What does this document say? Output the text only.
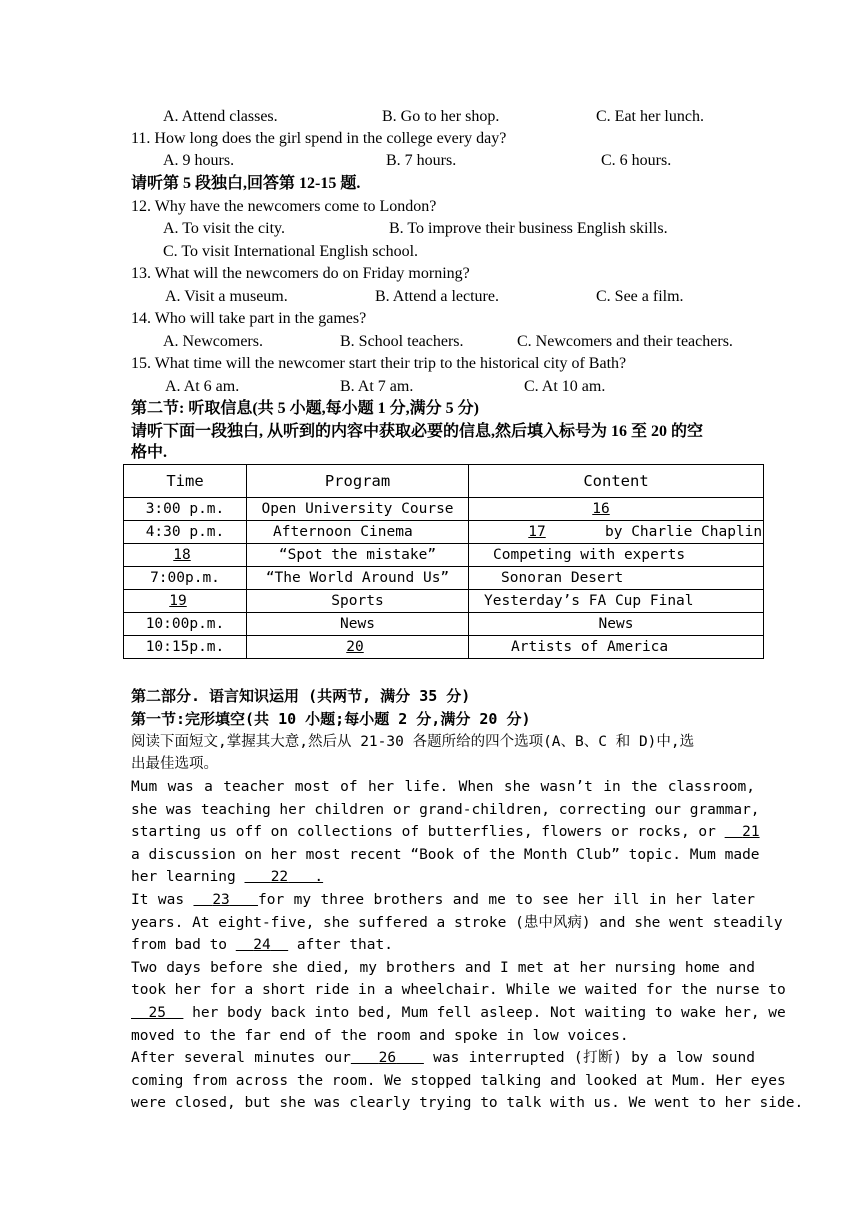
A. Attend classes.	B. Go to her shop.	C. Eat her lunch.
11. How long does the girl spend in the college every day?
A. 9 hours.	B. 7 hours.	C. 6 hours.
请听第 5 段独白,回答第 12-15 题.
12. Why have the newcomers come to London?
A. To visit the city.	B. To improve their business English skills.
C. To visit International English school.
13. What will the newcomers do on Friday morning?
A. Visit a museum.	B. Attend a lecture.	C. See a film.
14. Who will take part in the games?
A. Newcomers.	B. School teachers.	C. Newcomers and their teachers.
15. What time will the newcomer start their trip to the historical city of Bath?
A. At 6 am.	B. At 7 am.	C. At 10 am.
第二节: 听取信息(共 5 小题,每小题 1 分,满分 5 分)
请听下面一段独白, 从听到的内容中获取必要的信息,然后填入标号为 16 至 20 的空
格中.
Time	Program	Content
3:00 p.m.	Open University Course	16
4:30 p.m.	Afternoon Cinema	17 by Charlie Chaplin
18	“Spot the mistake”	Competing with experts
7:00p.m.	“The World Around Us”	Sonoran Desert
19	Sports	Yesterday’s FA Cup Final
10:00p.m.	News	News
10:15p.m.	20	Artists of America
第二部分. 语言知识运用 (共两节, 满分 35 分)
第一节:完形填空(共 10 小题;每小题 2 分,满分 20 分)
阅读下面短文,掌握其大意,然后从 21-30 各题所给的四个选项(A、B、C 和 D)中,选
出最佳选项。
Mum was a teacher most of her life. When she wasn’t in the classroom,
she was teaching her children or grand-children, correcting our grammar,
starting us off on collections of butterflies, flowers or rocks, or 21
a discussion on her most recent “Book of the Month Club” topic. Mum made
her learning 22   .
It was 23 for my three brothers and me to see her ill in her later
years. At eight-five, she suffered a stroke (患中风病) and she went steadily
from bad to 24 after that.
Two days before she died, my brothers and I met at her nursing home and
took her for a short ride in a wheelchair. While we waited for the nurse to
25 her body back into bed, Mum fell asleep. Not waiting to wake her, we
moved to the far end of the room and spoke in low voices.
After several minutes our 26	was interrupted (打断) by a low sound
coming from across the room. We stopped talking and looked at Mum. Her eyes
were closed, but she was clearly trying to talk with us. We went to her side.
